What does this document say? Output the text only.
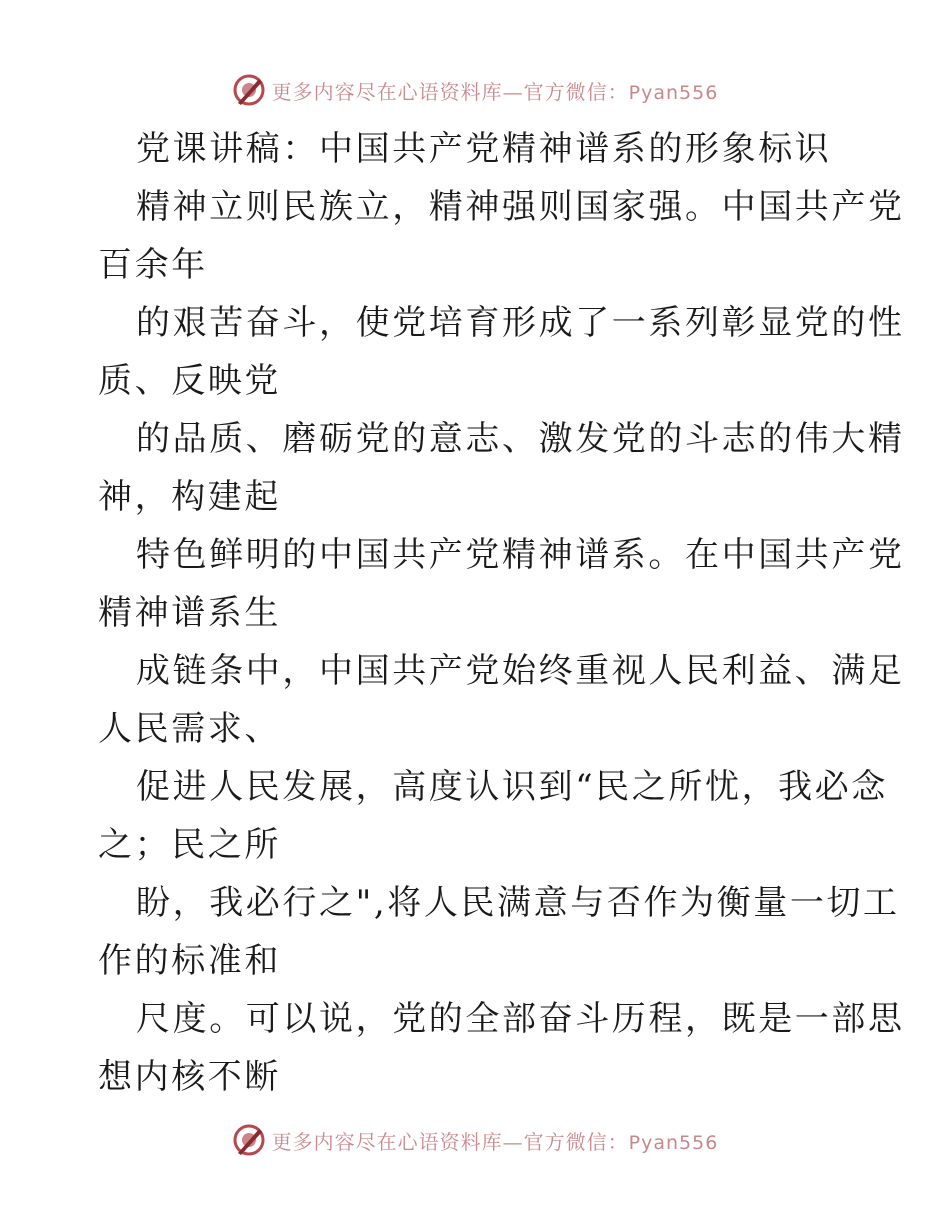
更多内容尽在心语资料库—官方微信：Pyan556
党课讲稿：中国共产党精神谱系的形象标识
精神立则民族立，精神强则国家强。中国共产党
百余年
的艰苦奋斗，使党培育形成了一系列彰显党的性
质、反映党
的品质、磨砺党的意志、激发党的斗志的伟大精
神，构建起
特色鲜明的中国共产党精神谱系。在中国共产党
精神谱系生
成链条中，中国共产党始终重视人民利益、满足
人民需求、
促进人民发展，高度认识到“民之所忧，我必念
之；民之所
盼，我必行之",将人民满意与否作为衡量一切工
作的标准和
尺度。可以说，党的全部奋斗历程，既是一部思
想内核不断
更多内容尽在心语资料库—官方微信：Pyan556
